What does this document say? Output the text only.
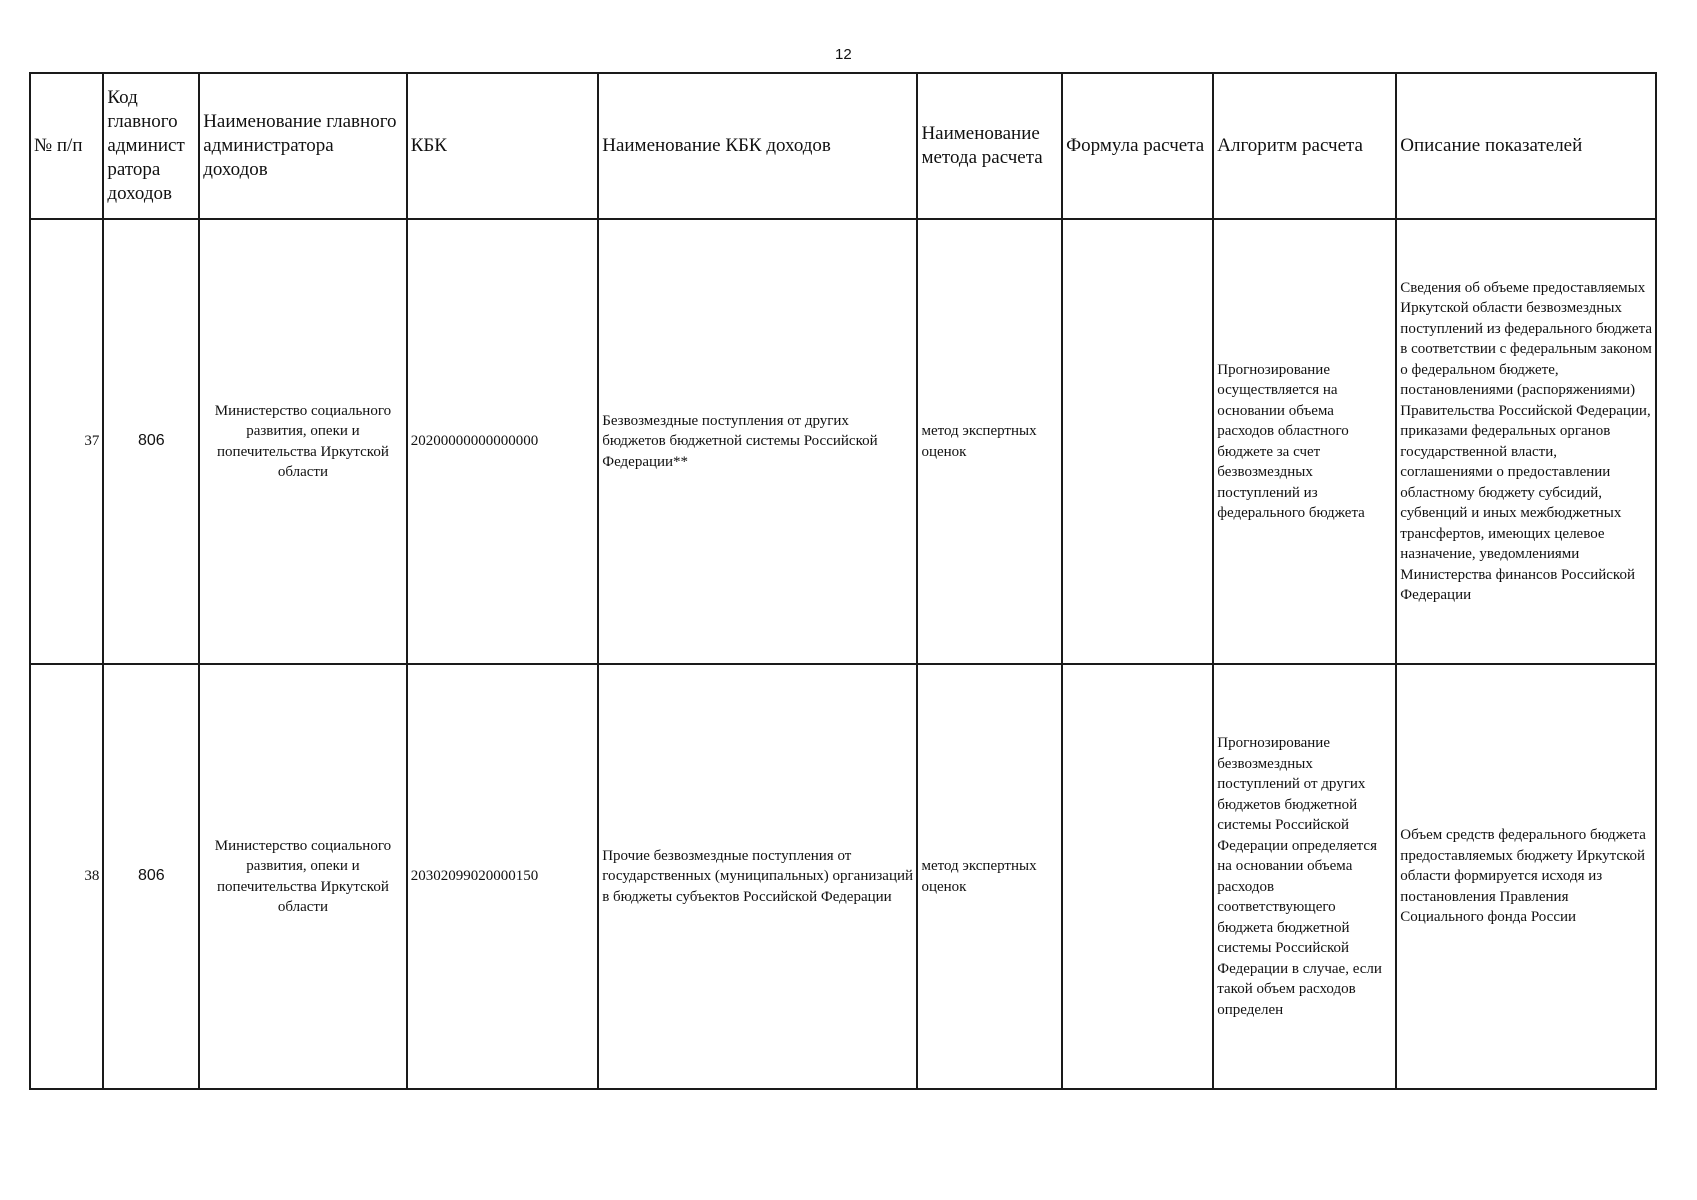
12
№ п/п	Код главного админист ратора доходов	Наименование главного администратора доходов	КБК	Наименование КБК доходов	Наименование метода расчета	Формула расчета	Алгоритм расчета	Описание показателей
37	806	Министерство социального развития, опеки и попечительства Иркутской области	20200000000000000	Безвозмездные поступления от других бюджетов бюджетной системы Российской Федерации**	метод экспертных оценок		Прогнозирование осуществляется на основании объема расходов областного бюджете за счет безвозмездных поступлений из федерального бюджета	Сведения об объеме предоставляемых Иркутской области безвозмездных поступлений из федерального бюджета в соответствии с федеральным законом о федеральном бюджете, постановлениями (распоряжениями) Правительства Российской Федерации, приказами федеральных органов государственной власти, соглашениями о предоставлении областному бюджету субсидий, субвенций и иных межбюджетных трансфертов, имеющих целевое назначение, уведомлениями Министерства финансов Российской Федерации
38	806	Министерство социального развития, опеки и попечительства Иркутской области	20302099020000150	Прочие безвозмездные поступления от государственных (муниципальных) организаций в бюджеты субъектов Российской Федерации	метод экспертных оценок		Прогнозирование безвозмездных поступлений от других бюджетов бюджетной системы Российской Федерации определяется на основании объема расходов соответствующего бюджета бюджетной системы Российской Федерации в случае, если такой объем расходов определен	Объем средств федерального бюджета предоставляемых бюджету Иркутской области формируется исходя из постановления Правления Социального фонда России
